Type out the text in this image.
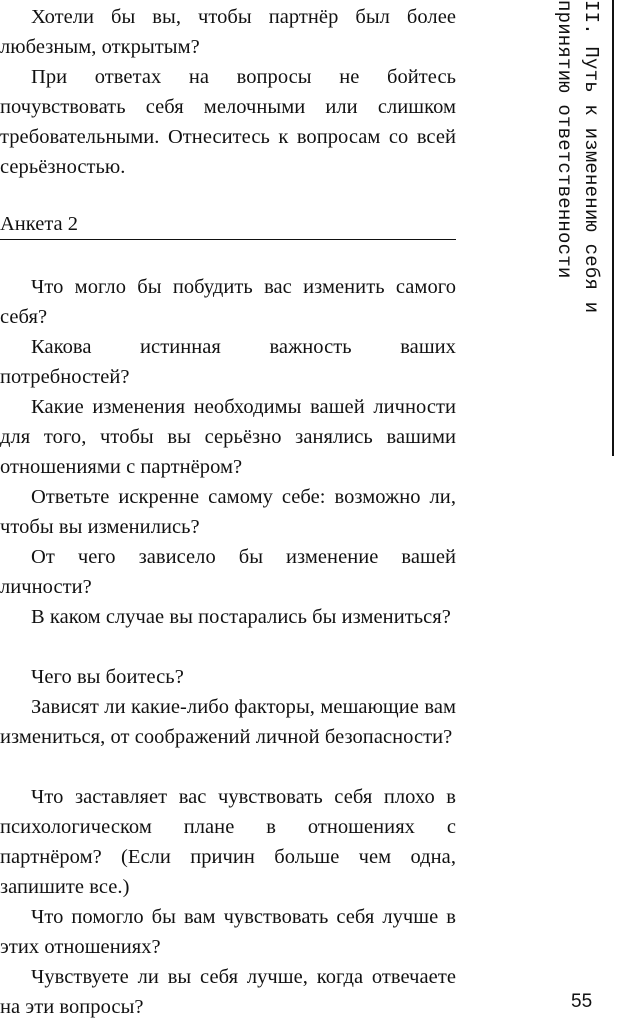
Хотели бы вы, чтобы партнёр был более любезным, открытым?

При ответах на вопросы не бойтесь почувствовать себя мелочными или слишком требовательными. Отнеситесь к вопросам со всей серьёзностью.

Анкета 2

Что могло бы побудить вас изменить самого себя?

Какова истинная важность ваших потребностей?

Какие изменения необходимы вашей личности для того, чтобы вы серьёзно занялись вашими отношениями с партнёром?

Ответьте искренне самому себе: возможно ли, чтобы вы изменились?

От чего зависело бы изменение вашей личности?

В каком случае вы постарались бы измениться?

Чего вы боитесь?

Зависят ли какие-либо факторы, мешающие вам измениться, от соображений личной безопасности?

Что заставляет вас чувствовать себя плохо в психологическом плане в отношениях с партнёром? (Если причин больше чем одна, запишите все.)

Что помогло бы вам чувствовать себя лучше в этих отношениях?

Чувствуете ли вы себя лучше, когда отвечаете на эти вопросы?

II. Путь к изменению себя и
принятию ответственности

55
